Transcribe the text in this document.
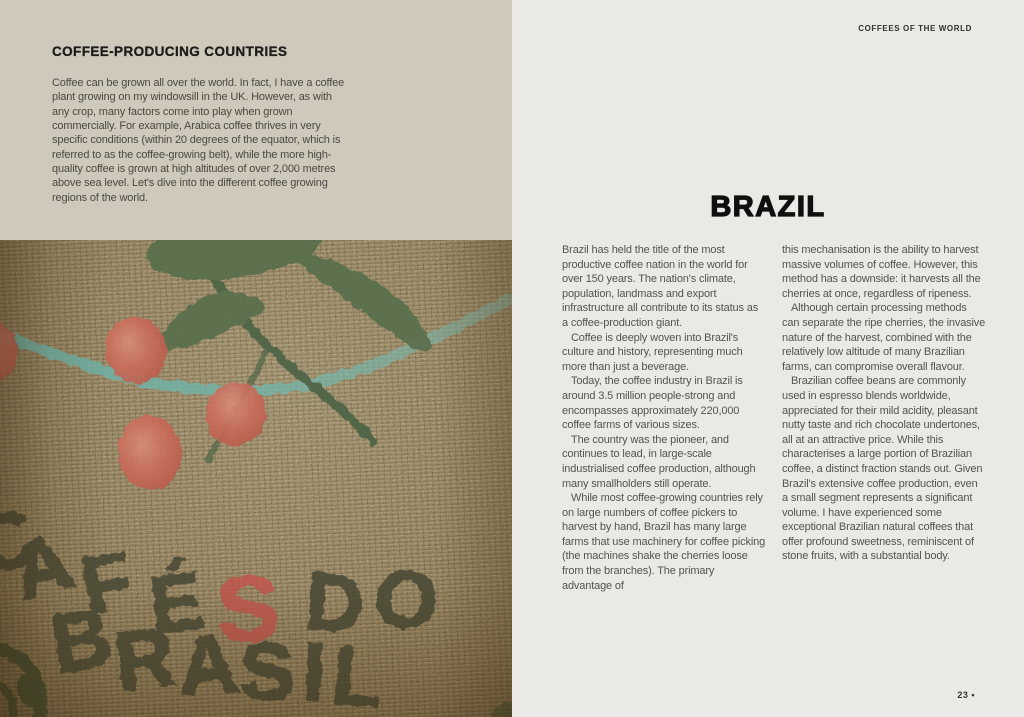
COFFEE-PRODUCING COUNTRIES

Coffee can be grown all over the world. In fact, I have a coffee plant growing on my windowsill in the UK. However, as with any crop, many factors come into play when grown commercially. For example, Arabica coffee thrives in very specific conditions (within 20 degrees of the equator, which is referred to as the coffee-growing belt), while the more high-quality coffee is grown at high altitudes of over 2,000 metres above sea level. Let's dive into the different coffee growing regions of the world.

COFFEES OF THE WORLD
BRAZIL

Brazil has held the title of the most productive coffee nation in the world for over 150 years. The nation's climate, population, landmass and export infrastructure all contribute to its status as a coffee-production giant.

Coffee is deeply woven into Brazil's culture and history, representing much more than just a beverage.

Today, the coffee industry in Brazil is around 3.5 million people-strong and encompasses approximately 220,000 coffee farms of various sizes.

The country was the pioneer, and continues to lead, in large-scale industrialised coffee production, although many smallholders still operate.

While most coffee-growing countries rely on large numbers of coffee pickers to harvest by hand, Brazil has many large farms that use machinery for coffee picking (the machines shake the cherries loose from the branches). The primary advantage of

this mechanisation is the ability to harvest massive volumes of coffee. However, this method has a downside: it harvests all the cherries at once, regardless of ripeness.

Although certain processing methods can separate the ripe cherries, the invasive nature of the harvest, combined with the relatively low altitude of many Brazilian farms, can compromise overall flavour.

Brazilian coffee beans are commonly used in espresso blends worldwide, appreciated for their mild acidity, pleasant nutty taste and rich chocolate undertones, all at an attractive price. While this characterises a large portion of Brazilian coffee, a distinct fraction stands out. Given Brazil's extensive coffee production, even a small segment represents a significant volume. I have experienced some exceptional Brazilian natural coffees that offer profound sweetness, reminiscent of stone fruits, with a substantial body.

23 •
